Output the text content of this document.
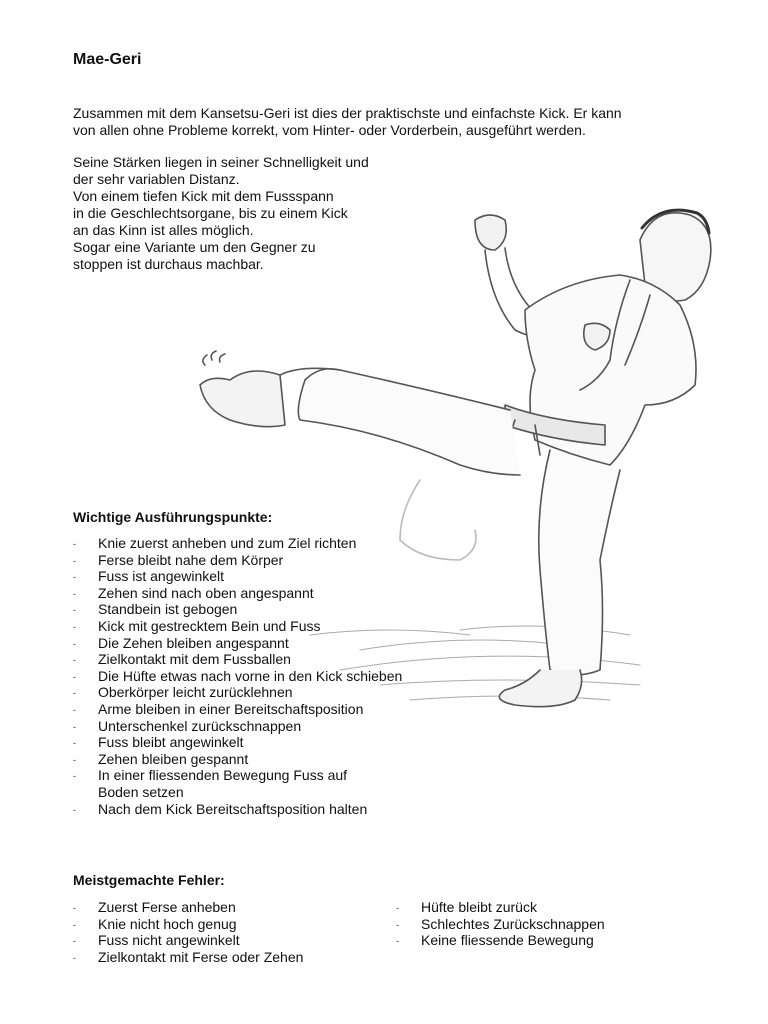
Mae-Geri
Zusammen mit dem Kansetsu-Geri ist dies der praktischste und einfachste Kick. Er kann
von allen ohne Probleme korrekt, vom Hinter- oder Vorderbein, ausgeführt werden.
Seine Stärken liegen in seiner Schnelligkeit und
der sehr variablen Distanz.
Von einem tiefen Kick mit dem Fussspann
in die Geschlechtsorgane, bis zu einem Kick
an das Kinn ist alles möglich.
Sogar eine Variante um den Gegner zu
stoppen ist durchaus machbar.
Wichtige Ausführungspunkte:
- Knie zuerst anheben und zum Ziel richten
- Ferse bleibt nahe dem Körper
- Fuss ist angewinkelt
- Zehen sind nach oben angespannt
- Standbein ist gebogen
- Kick mit gestrecktem Bein und Fuss
- Die Zehen bleiben angespannt
- Zielkontakt mit dem Fussballen
- Die Hüfte etwas nach vorne in den Kick schieben
- Oberkörper leicht zurücklehnen
- Arme bleiben in einer Bereitschaftsposition
- Unterschenkel zurückschnappen
- Fuss bleibt angewinkelt
- Zehen bleiben gespannt
- In einer fliessenden Bewegung Fuss auf
Boden setzen
- Nach dem Kick Bereitschaftsposition halten
Meistgemachte Fehler:
- Zuerst Ferse anheben
- Knie nicht hoch genug
- Fuss nicht angewinkelt
- Zielkontakt mit Ferse oder Zehen
- Hüfte bleibt zurück
- Schlechtes Zurückschnappen
- Keine fliessende Bewegung
